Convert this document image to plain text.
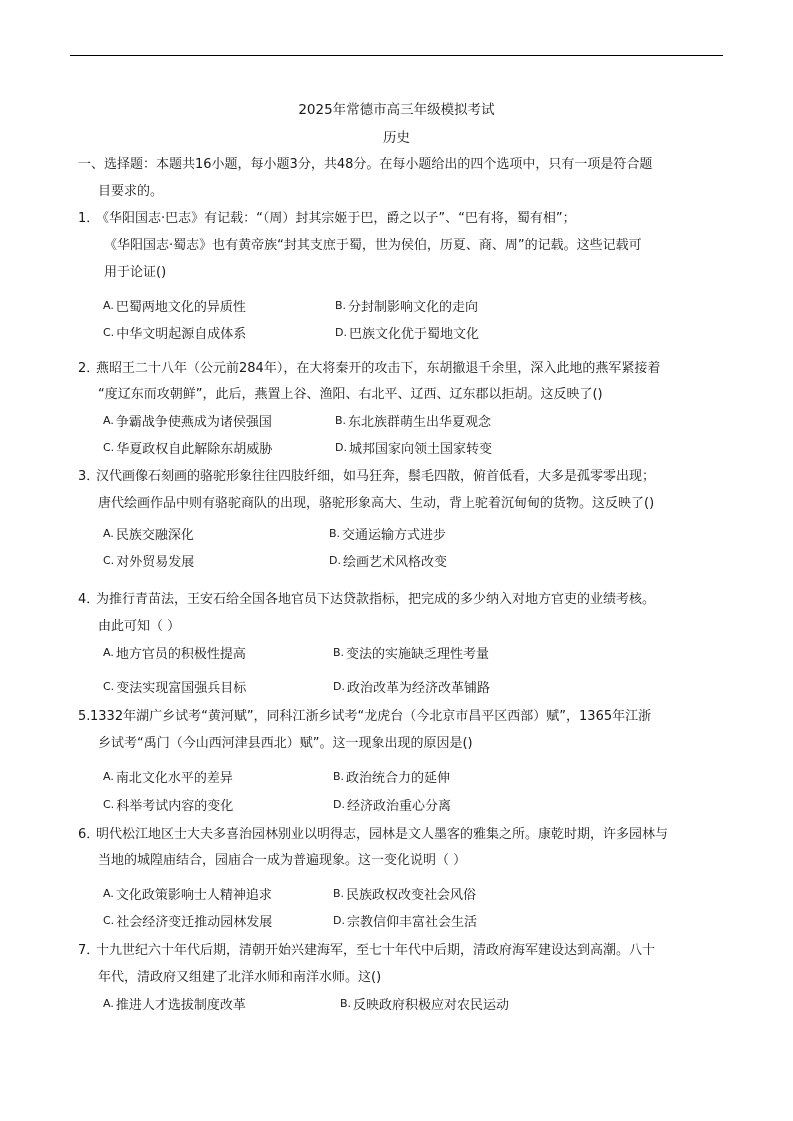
2025年常德市高三年级模拟考试
历史
一、选择题：本题共16小题，每小题3分，共48分。在每小题给出的四个选项中，只有一项是符合题
目要求的。
1．
《华阳国志·巴志》有记载：“（周）封其宗姬于巴，爵之以子”、“巴有将，蜀有相”；
《华阳国志·蜀志》也有黄帝族“封其支庶于蜀，世为侯伯，历夏、商、周”的记载。这些记载可
用于论证()
A. 巴蜀两地文化的异质性	B. 分封制影响文化的走向
C. 中华文明起源自成体系	D. 巴族文化优于蜀地文化
2．
燕昭王二十八年（公元前284年），在大将秦开的攻击下，东胡撤退千余里，深入此地的燕军紧接着
“度辽东而攻朝鲜”，此后，燕置上谷、渔阳、右北平、辽西、辽东郡以拒胡。这反映了()
A. 争霸战争使燕成为诸侯强国	B. 东北族群萌生出华夏观念
C. 华夏政权自此解除东胡威胁	D. 城邦国家向领土国家转变
3．
汉代画像石刻画的骆驼形象往往四肢纤细，如马狂奔，鬃毛四散，俯首低看，大多是孤零零出现；
唐代绘画作品中则有骆驼商队的出现，骆驼形象高大、生动，背上驼着沉甸甸的货物。这反映了()
A. 民族交融深化	B. 交通运输方式进步
C. 对外贸易发展	D. 绘画艺术风格改变
4．
为推行青苗法，王安石给全国各地官员下达贷款指标，把完成的多少纳入对地方官吏的业绩考核。
由此可知（ ）
A. 地方官员的积极性提高	B. 变法的实施缺乏理性考量
C. 变法实现富国强兵目标	D. 政治改革为经济改革铺路
5. 1332年湖广乡试考“黄河赋”，同科江浙乡试考“龙虎台（今北京市昌平区西部）赋”，1365年江浙
乡试考“禹门（今山西河津县西北）赋”。这一现象出现的原因是()
A. 南北文化水平的差异	B. 政治统合力的延伸
C. 科举考试内容的变化	D. 经济政治重心分离
6．
明代松江地区士大夫多喜治园林别业以明得志，园林是文人墨客的雅集之所。康乾时期，许多园林与
当地的城隍庙结合，园庙合一成为普遍现象。这一变化说明（ ）
A. 文化政策影响士人精神追求	B. 民族政权改变社会风俗
C. 社会经济变迁推动园林发展	D. 宗教信仰丰富社会生活
7．
十九世纪六十年代后期，清朝开始兴建海军，至七十年代中后期，清政府海军建设达到高潮。八十
年代，清政府又组建了北洋水师和南洋水师。这()
A. 推进人才选拔制度改革	B. 反映政府积极应对农民运动
